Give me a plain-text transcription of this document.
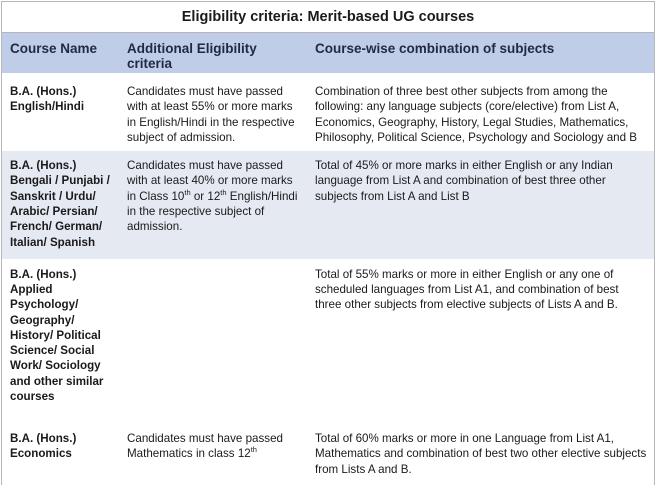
Eligibility criteria: Merit-based UG courses
Course Name	Additional Eligibility criteria	Course-wise combination of subjects
B.A. (Hons.) English/Hindi	Candidates must have passed with at least 55% or more marks in English/Hindi in the respective subject of admission.	Combination of three best other subjects from among the following: any language subjects (core/elective) from List A, Economics, Geography, History, Legal Studies, Mathematics, Philosophy, Political Science, Psychology and Sociology and B
B.A. (Hons.) Bengali / Punjabi / Sanskrit / Urdu/ Arabic/ Persian/ French/ German/ Italian/ Spanish	Candidates must have passed with at least 40% or more marks in Class 10th or 12th English/Hindi in the respective subject of admission.	Total of 45% or more marks in either English or any Indian language from List A and combination of best three other subjects from List A and List B
B.A. (Hons.) Applied Psychology/ Geography/ History/ Political Science/ Social Work/ Sociology and other similar courses		Total of 55% marks or more in either English or any one of scheduled languages from List A1, and combination of best three other subjects from elective subjects of Lists A and B.
B.A. (Hons.) Economics	Candidates must have passed Mathematics in class 12th	Total of 60% marks or more in one Language from List A1, Mathematics and combination of best two other elective subjects from Lists A and B.
